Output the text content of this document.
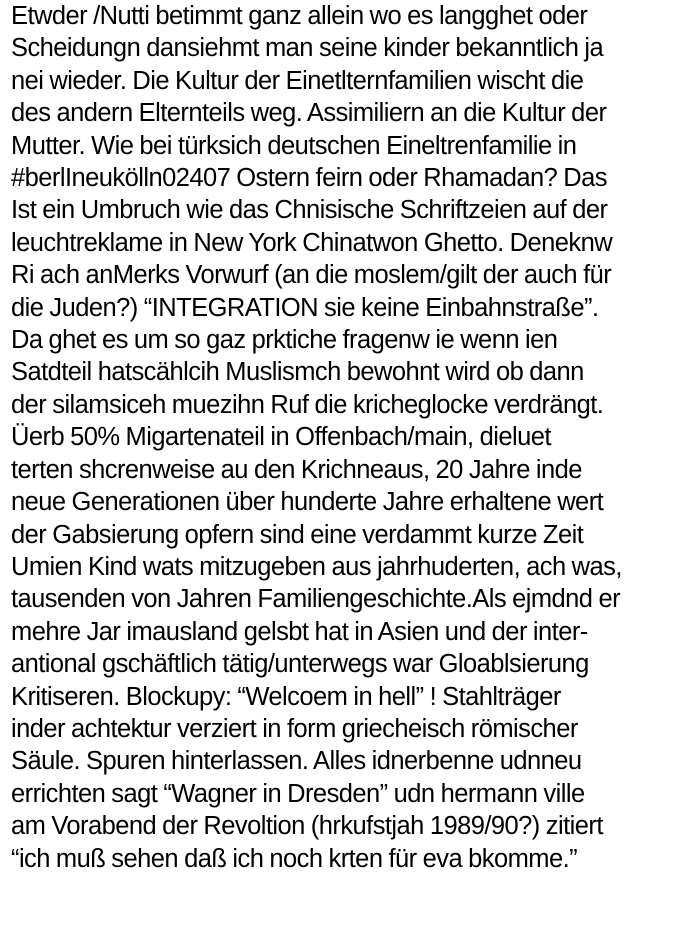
Etwder /Nutti betimmt ganz allein wo es langghet oder
Scheidungn dansiehmt man seine kinder bekanntlich ja
nei wieder. Die Kultur der Einetlternfamilien wischt die
des andern Elternteils weg. Assimiliern an die Kultur der
Mutter. Wie bei türksich deutschen Eineltrenfamilie in
#berlIneukölln02407 Ostern feirn oder Rhamadan? Das
Ist ein Umbruch wie das Chnisische Schriftzeien auf der
leuchtreklame in New York Chinatwon Ghetto. Deneknw
Ri ach anMerks Vorwurf (an die moslem/gilt der auch für
die Juden?) “INTEGRATION sie keine Einbahnstraße”.
Da ghet es um so gaz prktiche fragenw ie wenn ien
Satdteil hatscählcih Muslismch bewohnt wird ob dann
der silamsiceh muezihn Ruf die kricheglocke verdrängt.
Üerb 50% Migartenateil in Offenbach/main, dieluet
terten shcrenweise au den Krichneaus, 20 Jahre inde
neue Generationen über hunderte Jahre erhaltene wert
der Gabsierung opfern sind eine verdammt kurze Zeit
Umien Kind wats mitzugeben aus jahrhuderten, ach was,
tausenden von Jahren Familiengeschichte.Als ejmdnd er
mehre Jar imausland gelsbt hat in Asien und der inter-
antional gschäftlich tätig/unterwegs war Gloablsierung
Kritiseren. Blockupy: “Welcoem in hell” ! Stahlträger
inder achtektur verziert in form griecheisch römischer
Säule. Spuren hinterlassen. Alles idnerbenne udnneu
errichten sagt “Wagner in Dresden” udn hermann ville
am Vorabend der Revoltion (hrkufstjah 1989/90?) zitiert
“ich muß sehen daß ich noch krten für eva bkomme.”
